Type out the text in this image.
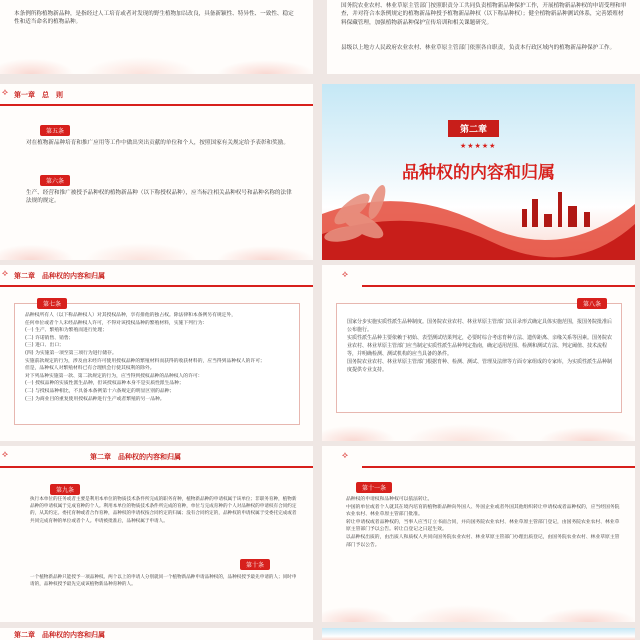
本条例所称植物新品种，是指经过人工培育或者对发现的野生植物加以改良，具备新颖性、特异性、一致性、稳定性和适当命名的植物品种。
国务院农业农村、林业草原主管部门按照职责分工共同负责植物新品种保护工作，开展植物新品种权的申请受理和审查，并对符合本条例规定的植物新品种授予植物新品种权（以下称品种权）；健全植物新品种测试体系，完善繁殖材料保藏管理，加强植物新品种保护宣传培训和相关课题研究。
县级以上地方人民政府农业农村、林业草原主管部门依照各自职责，负责本行政区域内的植物新品种保护工作。
⟡ 第一章　总　则
第五条
对在植物新品种培育和推广应用等工作中做出突出贡献的单位和个人，按照国家有关规定给予表彰和奖励。
第六条
生产、经营和推广被授予品种权的植物新品种（以下称授权品种），应当标注相关品种权号和品种名称的法律法规的规定。
第二章
★★★★★
品种权的内容和归属
⟡ 第二章　品种权的内容和归属
第七条
品种权所有人（以下称品种权人）对其授权品种，享有排他的独占权。除法律和本条例另有规定外，
任何单位或者个人未经品种权人许可，不得对该授权品种的繁殖材料，实施下列行为：
(一) 生产、繁殖和为繁殖而进行处理；
(二) 许诺销售、销售；
(三) 进口、出口；
(四) 为实施第一项至第三项行为进行储存。
实施前款规定的行为，涉及由未经许可使用授权品种的繁殖材料而获得的收获材料的，应当得到品种权人的许可；
但是，品种权人对繁殖材料已有合理机会行使其权利的除外。
对下列品种实施第一款、第二款规定的行为，应当得到授权品种的品种权人的许可：
(一) 授权品种的实质性派生品种，但该授权品种本身不是实质性派生品种；
(二) 与授权品种相比，不具备本条例第十六条规定的明显区别的品种；
(三) 为商业目的重复使用授权品种进行生产或者繁殖的另一品种。
⟡
第八条
国家分步实施实质性派生品种制度。国务院农业农村、林业草原主管部门以目录形式确定具体实施范围，报国务院批准后公布施行。
实质性派生品种主要依赖于初始、表型测试结果判定，必要时综合考虑育种方法、遗传距离、亲缘关系等因素。国务院农业农村、林业草原主管部门应当制定实质性派生品种判定指南，确定适用范围、检测和测试方法、判定阈值、技术流程等，并明确检测、测试机构的应当具备的条件。
国务院农业农村、林业草原主管部门根据育种、检测、测试、管理及法律等方面专家组成的专家库，为实质性派生品种制度提供专业支持。
⟡	第二章　品种权的内容和归属
第九条
执行本单位的任务或者主要是利用本单位的物质技术条件所完成的职务育种，植物新品种的申请权属于该单位；非职务育种，植物新品种的申请权属于完成育种的个人。利用本单位的物质技术条件所完成的育种，单位与完成育种的个人对品种权的申请权有合同约定的，从其约定。委托育种或者合作育种，品种权的申请权按合同约定的归属；没有合同约定的，品种权的申请权属于受委托完成或者共同完成育种的单位或者个人。申请被批准后，品种权属于申请人。
第十条
一个植物新品种只能授予一项品种权。两个以上的申请人分别就同一个植物新品种申请品种权的，品种权授予最先申请的人；同时申请的，品种权授予最先完成该植物新品种育种的人。
⟡
第十一条
品种权的申请权和品种权可以依法转让。
中国的单位或者个人就其在境内培育的植物新品种向外国人、外国企业或者外国其他组织转让申请权或者品种权的，应当经国务院农业农村、林业草原主管部门批准。
转让申请权或者品种权的，当事人应当订立书面合同，并向国务院农业农村、林业草原主管部门登记，由国务院农业农村、林业草原主管部门予以公告。转让自登记之日起生效。
以品种权出质的，由出质人和质权人共同向国务院农业农村、林业草原主管部门办理出质登记，由国务院农业农村、林业草原主管部门予以公告。
第二章　品种权的内容和归属
